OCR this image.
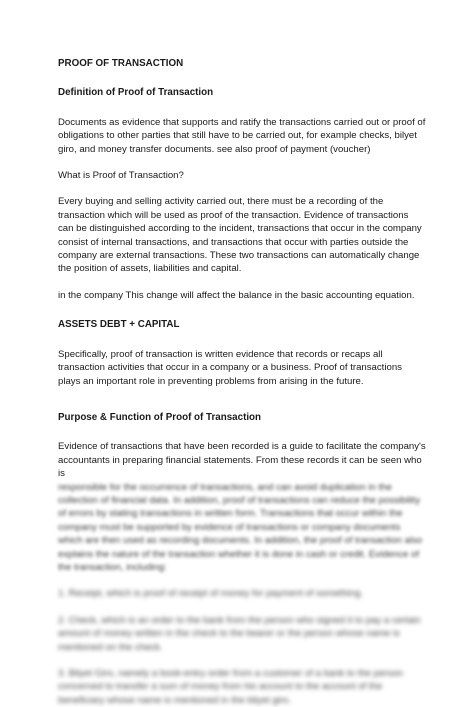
PROOF OF TRANSACTION

Definition of Proof of Transaction

Documents as evidence that supports and ratify the transactions carried out or proof of obligations to other parties that still have to be carried out, for example checks, bilyet giro, and money transfer documents. see also proof of payment (voucher)

What is Proof of Transaction?

Every buying and selling activity carried out, there must be a recording of the transaction which will be used as proof of the transaction. Evidence of transactions can be distinguished according to the incident, transactions that occur in the company consist of internal transactions, and transactions that occur with parties outside the company are external transactions. These two transactions can automatically change the position of assets, liabilities and capital.

in the company This change will affect the balance in the basic accounting equation.

ASSETS DEBT + CAPITAL

Specifically, proof of transaction is written evidence that records or recaps all transaction activities that occur in a company or a business. Proof of transactions plays an important role in preventing problems from arising in the future.

Purpose & Function of Proof of Transaction

Evidence of transactions that have been recorded is a guide to facilitate the company's accountants in preparing financial statements. From these records it can be seen who is

responsible for the occurrence of transactions, and can avoid duplication in the collection of financial data. In addition, proof of transactions can reduce the possibility of errors by stating transactions in written form. Transactions that occur within the company must be supported by evidence of transactions or company documents which are then used as recording documents. In addition, the proof of transaction also explains the nature of the transaction whether it is done in cash or credit. Evidence of the transaction, including:

1. Receipt, which is proof of receipt of money for payment of something.

2. Check, which is an order to the bank from the person who signed it to pay a certain amount of money written in the check to the bearer or the person whose name is mentioned on the check.

3. Bilyet Giro, namely a book-entry order from a customer of a bank to the person concerned to transfer a sum of money from his account to the account of the beneficiary whose name is mentioned in the bilyet giro.
